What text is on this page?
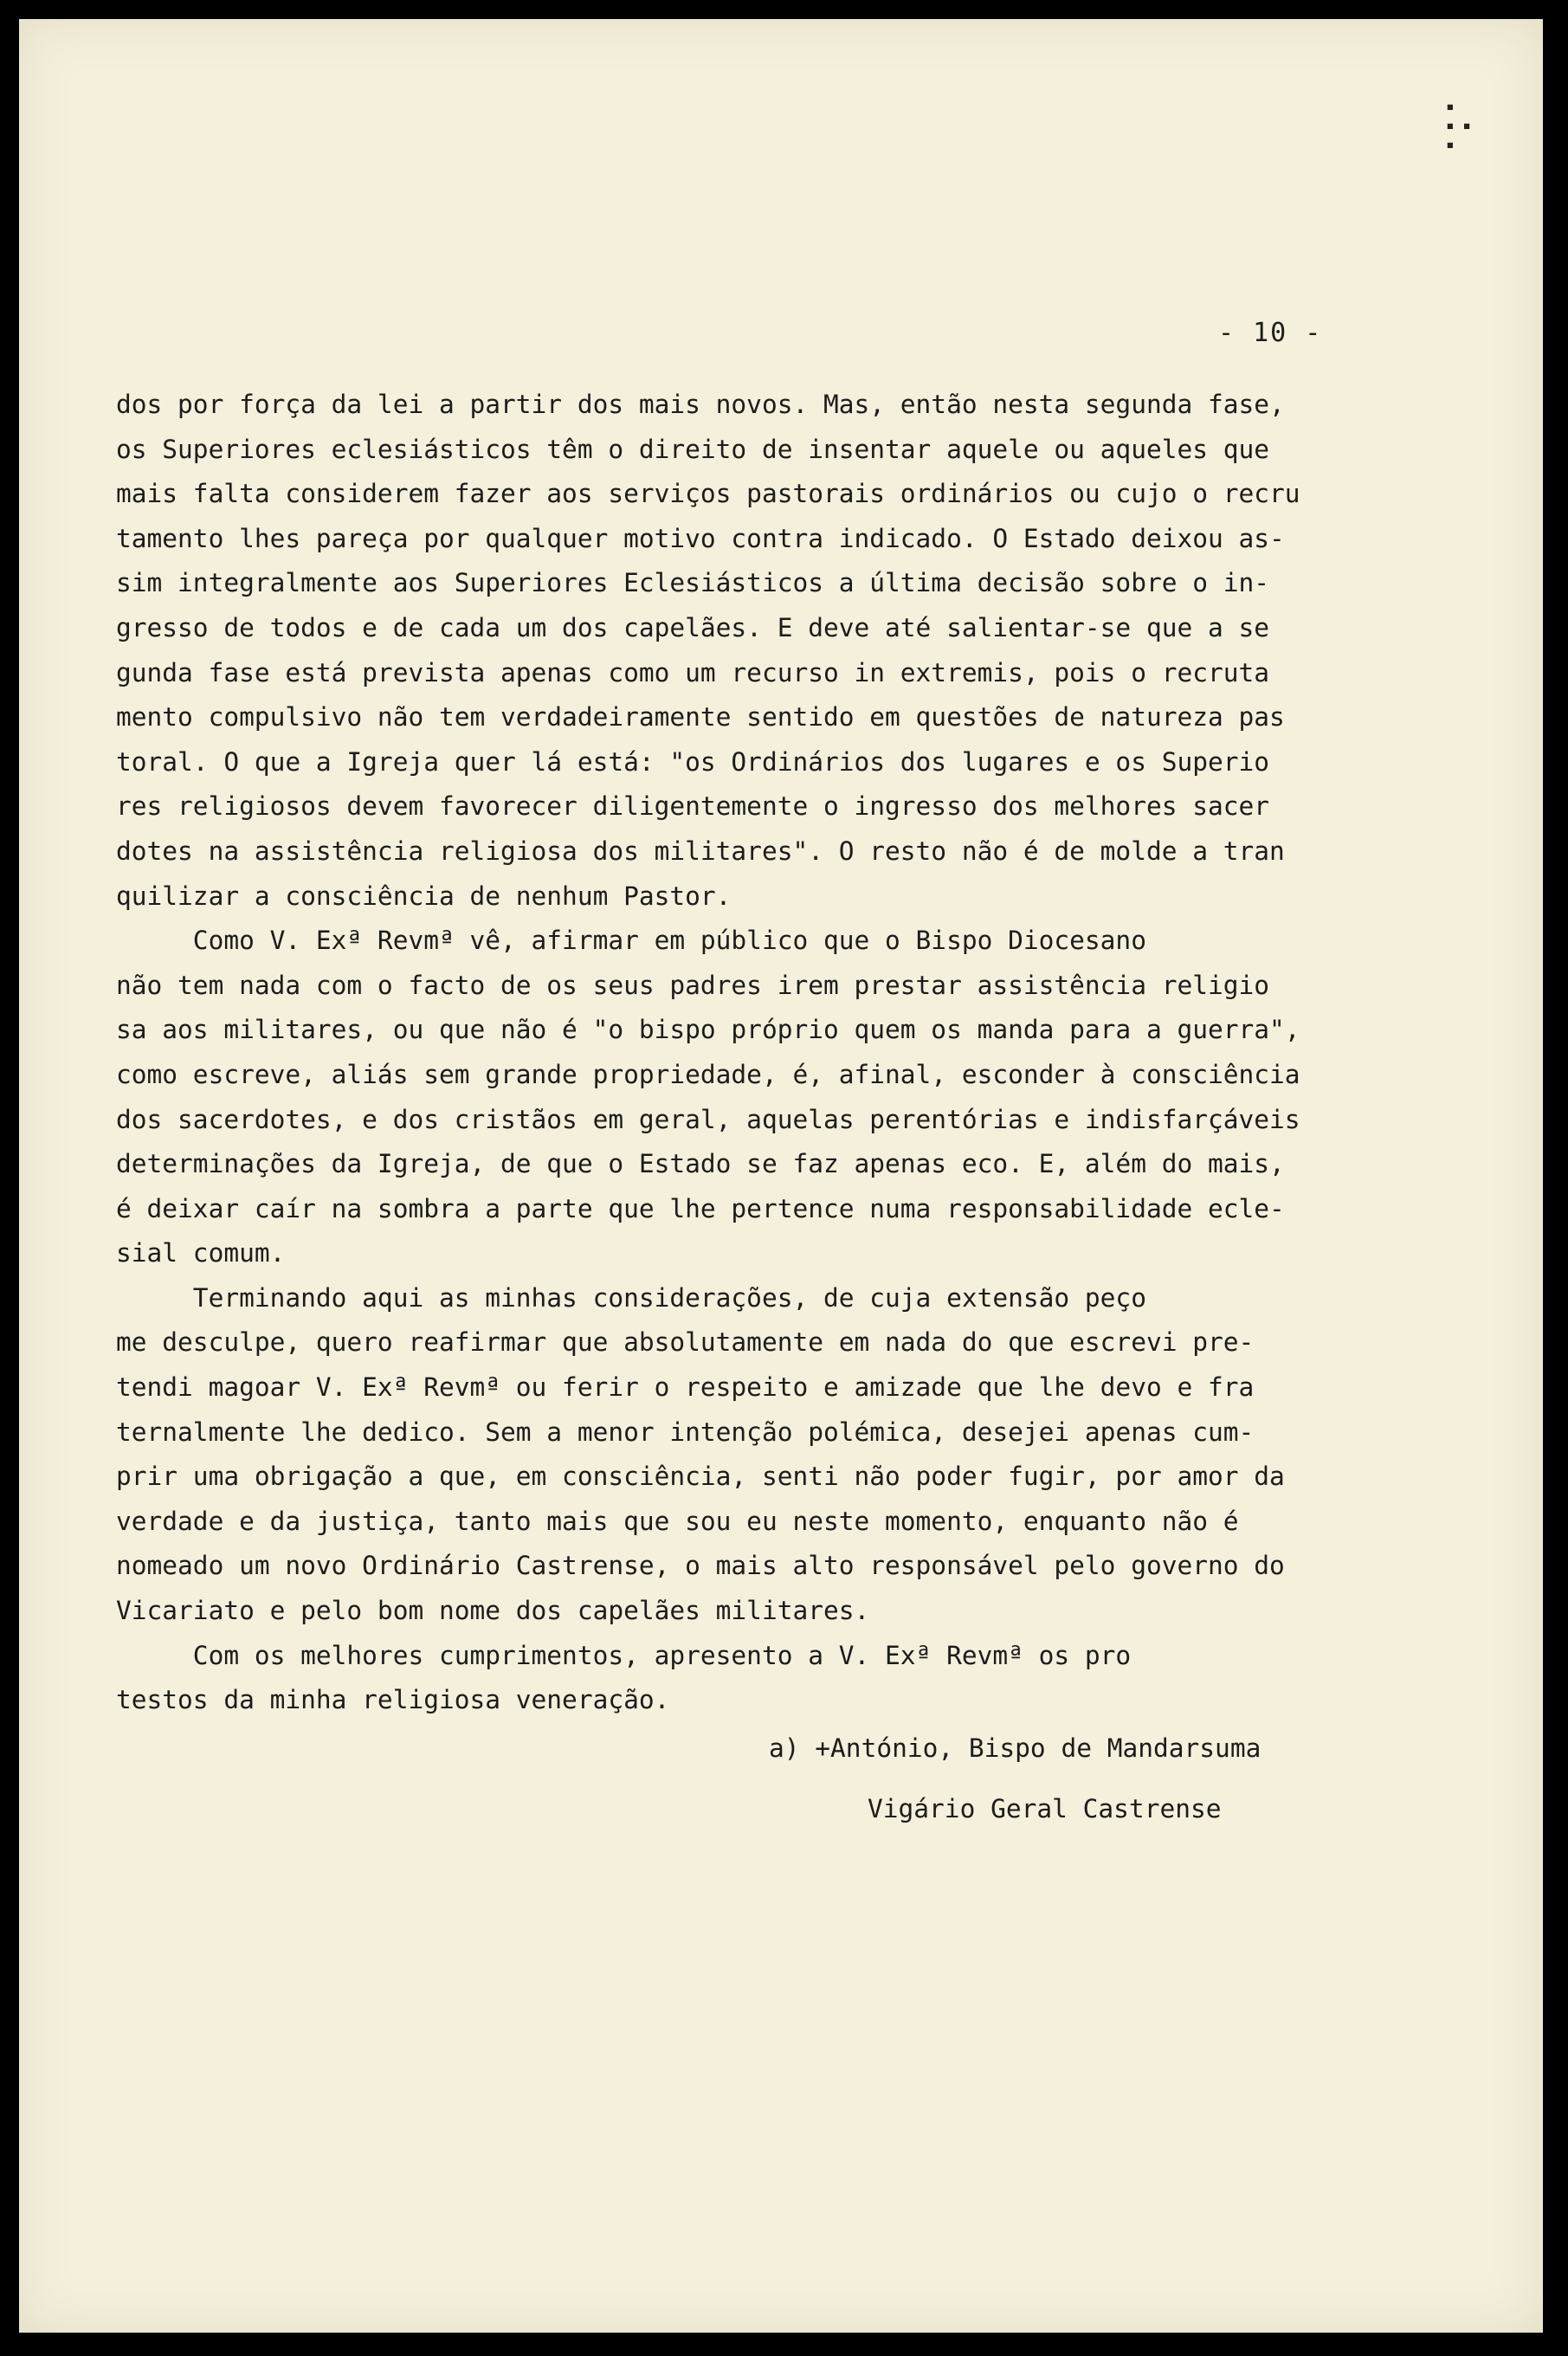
▪
▪ ▪
▪
- 10 -
dos por força da lei a partir dos mais novos. Mas, então nesta segunda fase,
os Superiores eclesiásticos têm o direito de insentar aquele ou aqueles que
mais falta considerem fazer aos serviços pastorais ordinários ou cujo o recru
tamento lhes pareça por qualquer motivo contra indicado. O Estado deixou as-
sim integralmente aos Superiores Eclesiásticos a última decisão sobre o in-
gresso de todos e de cada um dos capelães. E deve até salientar-se que a se
gunda fase está prevista apenas como um recurso in extremis, pois o recruta
mento compulsivo não tem verdadeiramente sentido em questões de natureza pas
toral. O que a Igreja quer lá está: "os Ordinários dos lugares e os Superio
res religiosos devem favorecer diligentemente o ingresso dos melhores sacer
dotes na assistência religiosa dos militares". O resto não é de molde a tran
quilizar a consciência de nenhum Pastor.
Como V. Exª Revmª vê, afirmar em público que o Bispo Diocesano
não tem nada com o facto de os seus padres irem prestar assistência religio
sa aos militares, ou que não é "o bispo próprio quem os manda para a guerra",
como escreve, aliás sem grande propriedade, é, afinal, esconder à consciência
dos sacerdotes, e dos cristãos em geral, aquelas perentórias e indisfarçáveis
determinações da Igreja, de que o Estado se faz apenas eco. E, além do mais,
é deixar caír na sombra a parte que lhe pertence numa responsabilidade ecle-
sial comum.
Terminando aqui as minhas considerações, de cuja extensão peço
me desculpe, quero reafirmar que absolutamente em nada do que escrevi pre-
tendi magoar V. Exª Revmª ou ferir o respeito e amizade que lhe devo e fra
ternalmente lhe dedico. Sem a menor intenção polémica, desejei apenas cum-
prir uma obrigação a que, em consciência, senti não poder fugir, por amor da
verdade e da justiça, tanto mais que sou eu neste momento, enquanto não é
nomeado um novo Ordinário Castrense, o mais alto responsável pelo governo do
Vicariato e pelo bom nome dos capelães militares.
Com os melhores cumprimentos, apresento a V. Exª Revmª os pro
testos da minha religiosa veneração.
a) +António, Bispo de Mandarsuma
Vigário Geral Castrense
